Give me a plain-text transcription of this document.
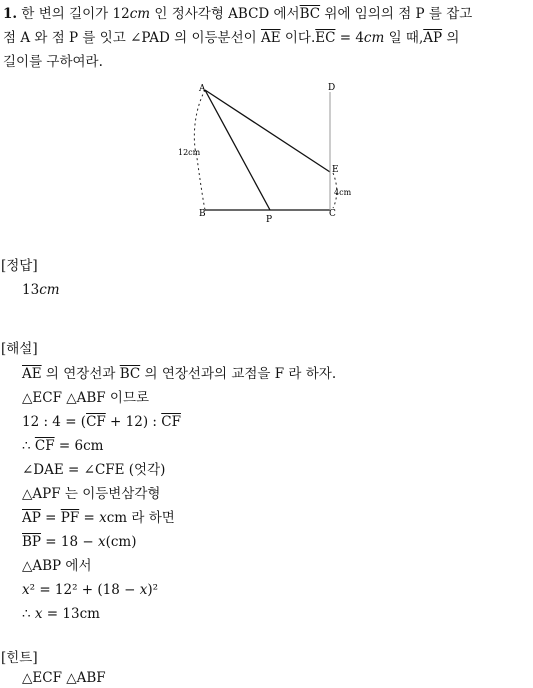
1. 한 변의 길이가 12cm 인 정사각형 ABCD 에서$\overline{BC}$ 위에 임의의 점 P 를 잡고
점 A 와 점 P 를 잇고 ∠PAD 의 이등분선이 $\overline{AE}$ 이다$.\overline{EC} = 4cm$ 일 때$,\overline{AP}$ 의
길이를 구하여라.
A	D
E
B	C
P
12cm
4cm
[정답]
13cm
[해설]
$\overline{AE}$ 의 연장선과 $\overline{BC}$ 의 연장선과의 교점을 F 라 하자.
△ECF △ABF 이므로
12 : $4 = (\overline{CF} + 12)$ : $\overline{CF}$
∴ $\overline{CF} = 6cm$
∠DAE = ∠CFE (엇각)
△APF 는 이등변삼각형
$\overline{AP} = \overline{PF}$ = xcm 라 하면
$\overline{BP} = 18 - x(cm)$
△ABP 에서
x² = 12² + (18 − x)²
∴ x = 13cm
[힌트]
△ECF △ABF
